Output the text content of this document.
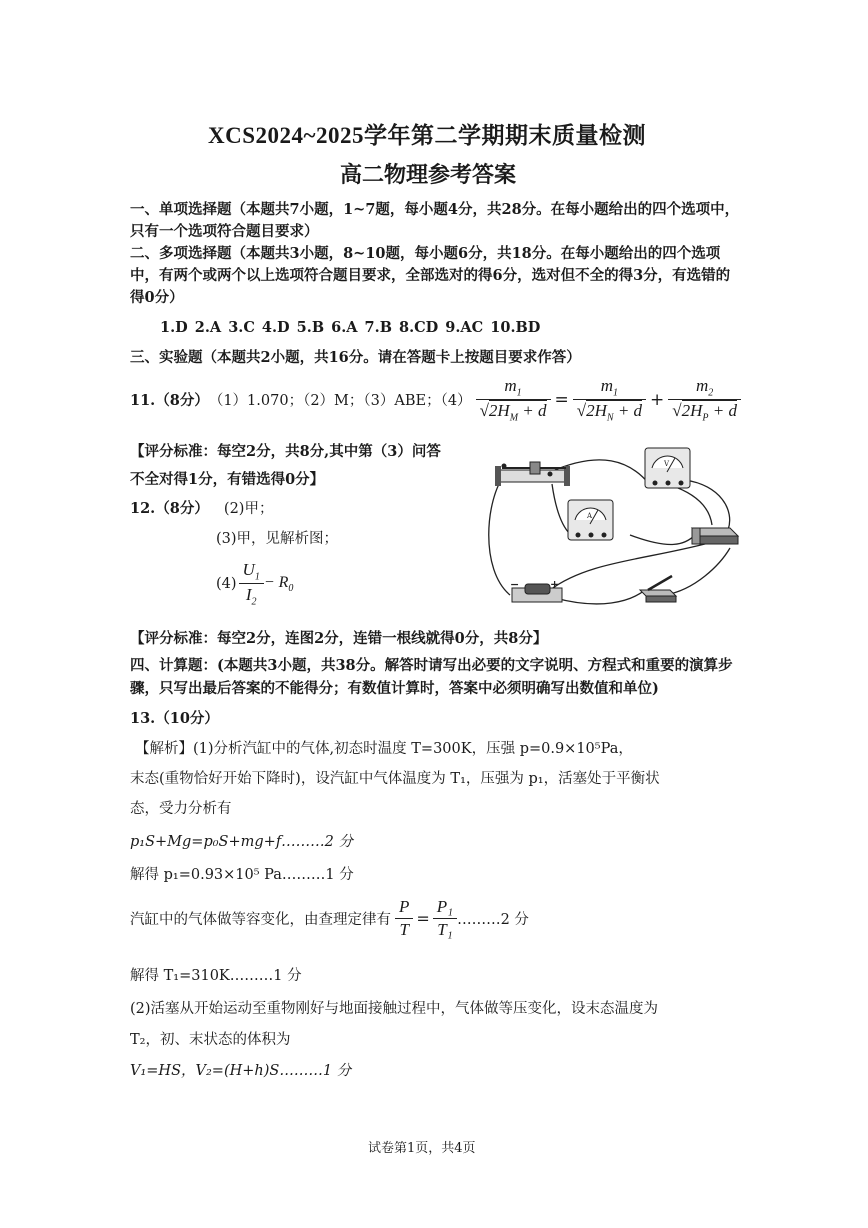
XCS2024~2025学年第二学期期末质量检测
高二物理参考答案
一、单项选择题（本题共7小题，1~7题，每小题4分，共28分。在每小题给出的四个选项中，只有一个选项符合题目要求）
二、多项选择题（本题共3小题，8~10题，每小题6分，共18分。在每小题给出的四个选项中，有两个或两个以上选项符合题目要求，全部选对的得6分，选对但不全的得3分，有选错的得0分）
1.D 2.A 3.C 4.D 5.B 6.A 7.B 8.CD 9.AC 10.BD
三、实验题（本题共2小题，共16分。请在答题卡上按题目要求作答）
11.（8分） （1）1.070；（2）M；（3）ABE；$(4) \frac{m_1}{√2H_M + d} = \frac{m_1}{√2H_N + d} + \frac{m_2}{√2H_P + d}$
【评分标准：每空2分，共8分,其中第（3）问答
不全对得1分，有错选得0分】
12.（8分） (2)甲；
(3)甲，见解析图；
$(4) \frac{U_1}{I_2} - R_0$
V
A
−	+
【评分标准：每空2分，连图2分，连错一根线就得0分，共8分】
四、计算题：(本题共3小题，共38分。解答时请写出必要的文字说明、方程式和重要的演算步骤，只写出最后答案的不能得分；有数值计算时，答案中必须明确写出数值和单位)
13.（10分）
【解析】(1)分析汽缸中的气体,初态时温度 T=300K，压强 p=0.9×10⁵Pa，
末态(重物恰好开始下降时)，设汽缸中气体温度为 T₁，压强为 p₁，活塞处于平衡状
态，受力分析有
p₁S+Mg=p₀S+mg+f………2 分
解得 p₁=0.93×10⁵ Pa………1 分
汽缸中的气体做等容变化，由查理定律有 $\frac{P}{T} = \frac{\text{P₁}}{\text{T₁}}$ ………2 分
解得 T₁=310K………1 分
(2)活塞从开始运动至重物刚好与地面接触过程中，气体做等压变化，设末态温度为
T₂，初、末状态的体积为
V₁=HS，V₂=(H+h)S………1 分
试卷第1页，共4页
